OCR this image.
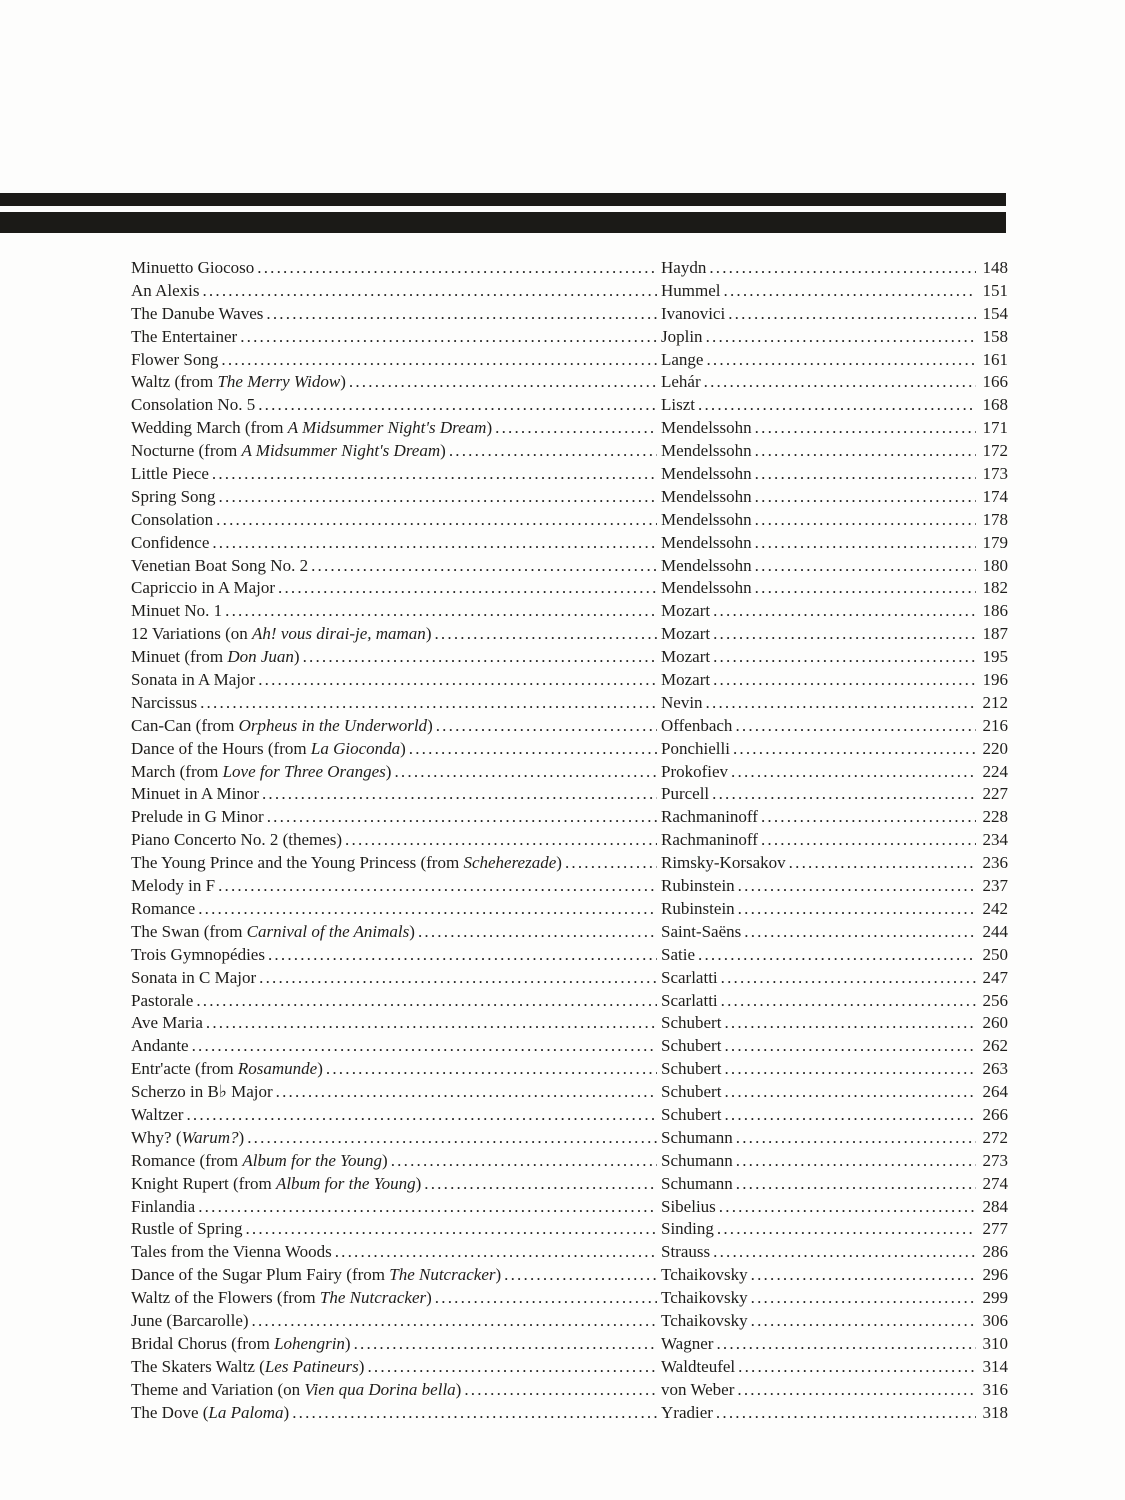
Minuetto Giocoso .....	Haydn .....	148
An Alexis .....	Hummel .....	151
The Danube Waves .....	Ivanovici .....	154
The Entertainer .....	Joplin .....	158
Flower Song .....	Lange .....	161
Waltz (from The Merry Widow) .....	Lehár .....	166
Consolation No. 5 .....	Liszt .....	168
Wedding March (from A Midsummer Night's Dream) .....	Mendelssohn .....	171
Nocturne (from A Midsummer Night's Dream) .....	Mendelssohn .....	172
Little Piece .....	Mendelssohn .....	173
Spring Song .....	Mendelssohn .....	174
Consolation .....	Mendelssohn .....	178
Confidence .....	Mendelssohn .....	179
Venetian Boat Song No. 2 .....	Mendelssohn .....	180
Capriccio in A Major .....	Mendelssohn .....	182
Minuet No. 1 .....	Mozart .....	186
12 Variations (on Ah! vous dirai-je, maman) .....	Mozart .....	187
Minuet (from Don Juan) .....	Mozart .....	195
Sonata in A Major .....	Mozart .....	196
Narcissus .....	Nevin .....	212
Can-Can (from Orpheus in the Underworld) .....	Offenbach .....	216
Dance of the Hours (from La Gioconda) .....	Ponchielli .....	220
March (from Love for Three Oranges) .....	Prokofiev .....	224
Minuet in A Minor .....	Purcell .....	227
Prelude in G Minor .....	Rachmaninoff .....	228
Piano Concerto No. 2 (themes) .....	Rachmaninoff .....	234
The Young Prince and the Young Princess (from Scheherezade) .....	Rimsky-Korsakov .....	236
Melody in F .....	Rubinstein .....	237
Romance .....	Rubinstein .....	242
The Swan (from Carnival of the Animals) .....	Saint-Saëns .....	244
Trois Gymnopédies .....	Satie .....	250
Sonata in C Major .....	Scarlatti .....	247
Pastorale .....	Scarlatti .....	256
Ave Maria .....	Schubert .....	260
Andante .....	Schubert .....	262
Entr'acte (from Rosamunde) .....	Schubert .....	263
Scherzo in B♭ Major .....	Schubert .....	264
Waltzer .....	Schubert .....	266
Why? (Warum?) .....	Schumann .....	272
Romance (from Album for the Young) .....	Schumann .....	273
Knight Rupert (from Album for the Young) .....	Schumann .....	274
Finlandia .....	Sibelius .....	284
Rustle of Spring .....	Sinding .....	277
Tales from the Vienna Woods .....	Strauss .....	286
Dance of the Sugar Plum Fairy (from The Nutcracker) .....	Tchaikovsky .....	296
Waltz of the Flowers (from The Nutcracker) .....	Tchaikovsky .....	299
June (Barcarolle) .....	Tchaikovsky .....	306
Bridal Chorus (from Lohengrin) .....	Wagner .....	310
The Skaters Waltz (Les Patineurs) .....	Waldteufel .....	314
Theme and Variation (on Vien qua Dorina bella) .....	von Weber .....	316
The Dove (La Paloma) .....	Yradier .....	318
